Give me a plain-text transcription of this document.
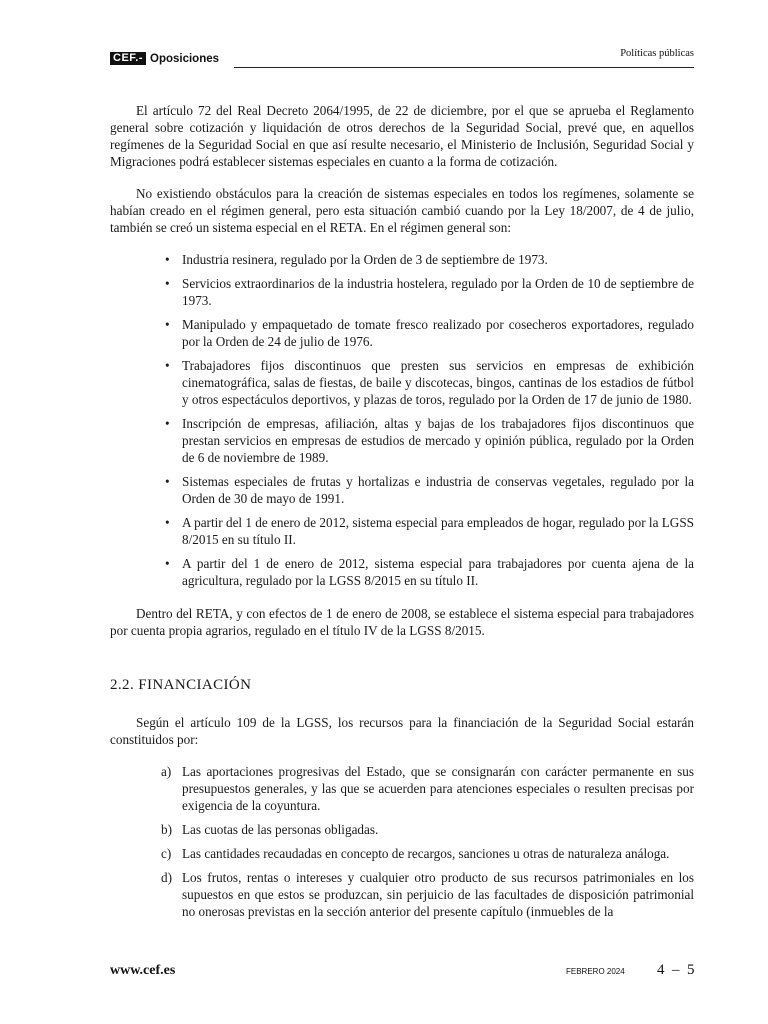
CEF.- Oposiciones	Políticas públicas

El artículo 72 del Real Decreto 2064/1995, de 22 de diciembre, por el que se aprueba el Reglamento general sobre cotización y liquidación de otros derechos de la Seguridad Social, prevé que, en aquellos regímenes de la Seguridad Social en que así resulte necesario, el Ministerio de Inclusión, Seguridad Social y Migraciones podrá establecer sistemas especiales en cuanto a la forma de cotización.

No existiendo obstáculos para la creación de sistemas especiales en todos los regímenes, solamente se habían creado en el régimen general, pero esta situación cambió cuando por la Ley 18/2007, de 4 de julio, también se creó un sistema especial en el RETA. En el régimen general son:

• Industria resinera, regulado por la Orden de 3 de septiembre de 1973.
• Servicios extraordinarios de la industria hostelera, regulado por la Orden de 10 de septiembre de 1973.
• Manipulado y empaquetado de tomate fresco realizado por cosecheros exportadores, regulado por la Orden de 24 de julio de 1976.
• Trabajadores fijos discontinuos que presten sus servicios en empresas de exhibición cinematográfica, salas de fiestas, de baile y discotecas, bingos, cantinas de los estadios de fútbol y otros espectáculos deportivos, y plazas de toros, regulado por la Orden de 17 de junio de 1980.
• Inscripción de empresas, afiliación, altas y bajas de los trabajadores fijos discontinuos que prestan servicios en empresas de estudios de mercado y opinión pública, regulado por la Orden de 6 de noviembre de 1989.
• Sistemas especiales de frutas y hortalizas e industria de conservas vegetales, regulado por la Orden de 30 de mayo de 1991.
• A partir del 1 de enero de 2012, sistema especial para empleados de hogar, regulado por la LGSS 8/2015 en su título II.
• A partir del 1 de enero de 2012, sistema especial para trabajadores por cuenta ajena de la agricultura, regulado por la LGSS 8/2015 en su título II.

Dentro del RETA, y con efectos de 1 de enero de 2008, se establece el sistema especial para trabajadores por cuenta propia agrarios, regulado en el título IV de la LGSS 8/2015.

2.2. FINANCIACIÓN

Según el artículo 109 de la LGSS, los recursos para la financiación de la Seguridad Social estarán constituidos por:

a) Las aportaciones progresivas del Estado, que se consignarán con carácter permanente en sus presupuestos generales, y las que se acuerden para atenciones especiales o resulten precisas por exigencia de la coyuntura.
b) Las cuotas de las personas obligadas.
c) Las cantidades recaudadas en concepto de recargos, sanciones u otras de naturaleza análoga.
d) Los frutos, rentas o intereses y cualquier otro producto de sus recursos patrimoniales en los supuestos en que estos se produzcan, sin perjuicio de las facultades de disposición patrimonial no onerosas previstas en la sección anterior del presente capítulo (inmuebles de la
www.cef.es	FEBRERO 2024 4  –  5
